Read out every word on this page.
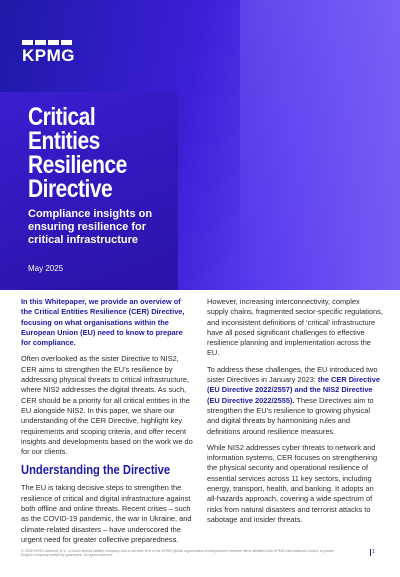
KPMG
Critical
Entities
Resilience
Directive
Compliance insights on ensuring resilience for critical infrastructure
May 2025

In this Whitepaper, we provide an overview of the Critical Entities Resilience (CER) Directive, focusing on what organisations within the European Union (EU) need to know to prepare for compliance.

Often overlooked as the sister Directive to NIS2, CER aims to strengthen the EU’s resilience by addressing physical threats to critical infrastructure, where NIS2 addresses the digital threats. As such, CER should be a priority for all critical entities in the EU alongside NIS2. In this paper, we share our understanding of the CER Directive, highlight key requirements and scoping criteria, and offer recent insights and developments based on the work we do for our clients.

Understanding the Directive

The EU is taking decisive steps to strengthen the resilience of critical and digital infrastructure against both offline and online threats. Recent crises – such as the COVID-19 pandemic, the war in Ukraine, and climate-related disasters – have underscored the urgent need for greater collective preparedness.

However, increasing interconnectivity, complex supply chains, fragmented sector-specific regulations, and inconsistent definitions of ‘critical’ infrastructure have all posed significant challenges to effective resilience planning and implementation across the EU.

To address these challenges, the EU introduced two sister Directives in January 2023: the CER Directive (EU Directive 2022/2557) and the NIS2 Directive (EU Directive 2022/2555). These Directives aim to strengthen the EU’s resilience to growing physical and digital threats by harmonising rules and definitions around resilience measures.

While NIS2 addresses cyber threats to network and information systems, CER focuses on strengthening the physical security and operational resilience of essential services across 11 key sectors, including energy, transport, health, and banking. It adopts an all-hazards approach, covering a wide spectrum of risks from natural disasters and terrorist attacks to sabotage and insider threats.

© 2025 KPMG Advisory N.V., a Dutch limited liability company and a member firm of the KPMG global organization of independent member firms affiliated with KPMG International Limited, a private English company limited by guarantee. All rights reserved.
1
